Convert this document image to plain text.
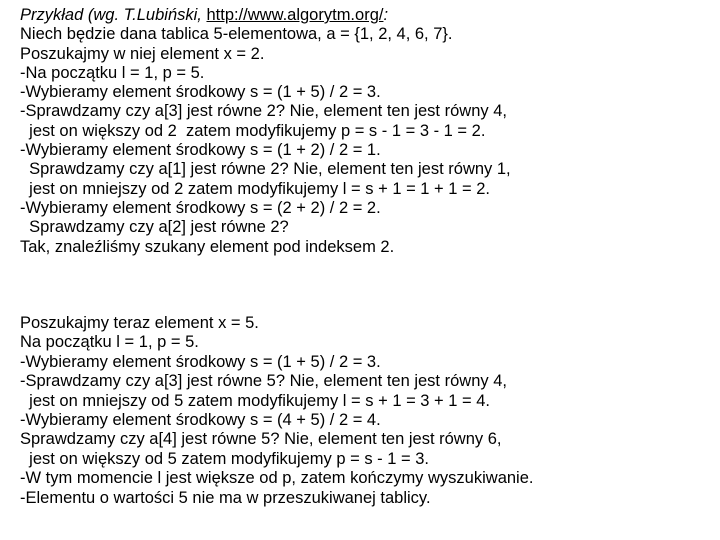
Przykład (wg. T.Lubiński, http://www.algorytm.org/:
Niech będzie dana tablica 5-elementowa, a = {1, 2, 4, 6, 7}.
Poszukajmy w niej element x = 2.
-Na początku l = 1, p = 5.
-Wybieramy element środkowy s = (1 + 5) / 2 = 3.
-Sprawdzamy czy a[3] jest równe 2? Nie, element ten jest równy 4,
jest on większy od 2  zatem modyfikujemy p = s - 1 = 3 - 1 = 2.
-Wybieramy element środkowy s = (1 + 2) / 2 = 1.
Sprawdzamy czy a[1] jest równe 2? Nie, element ten jest równy 1,
jest on mniejszy od 2 zatem modyfikujemy l = s + 1 = 1 + 1 = 2.
-Wybieramy element środkowy s = (2 + 2) / 2 = 2.
Sprawdzamy czy a[2] jest równe 2?
Tak, znaleźliśmy szukany element pod indeksem 2.
Poszukajmy teraz element x = 5.
Na początku l = 1, p = 5.
-Wybieramy element środkowy s = (1 + 5) / 2 = 3.
-Sprawdzamy czy a[3] jest równe 5? Nie, element ten jest równy 4,
jest on mniejszy od 5 zatem modyfikujemy l = s + 1 = 3 + 1 = 4.
-Wybieramy element środkowy s = (4 + 5) / 2 = 4.
Sprawdzamy czy a[4] jest równe 5? Nie, element ten jest równy 6,
jest on większy od 5 zatem modyfikujemy p = s - 1 = 3.
-W tym momencie l jest większe od p, zatem kończymy wyszukiwanie.
-Elementu o wartości 5 nie ma w przeszukiwanej tablicy.
